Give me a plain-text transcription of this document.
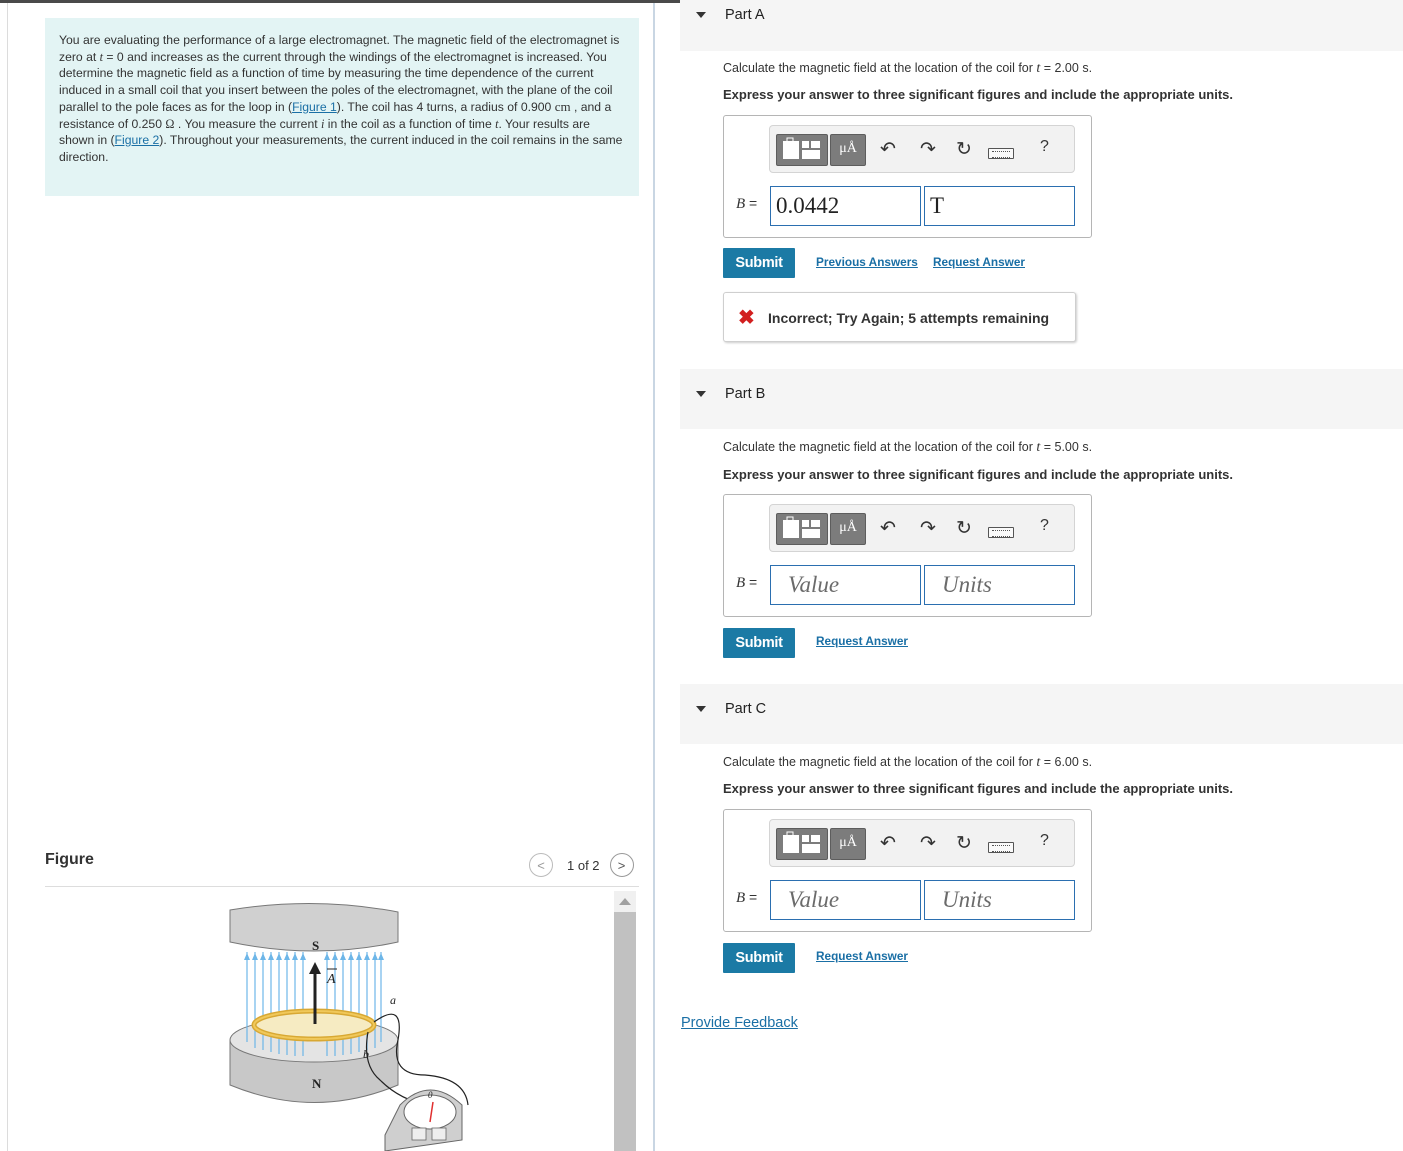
You are evaluating the performance of a large electromagnet. The magnetic field of the electromagnet is zero at t = 0 and increases as the current through the windings of the electromagnet is increased. You determine the magnetic field as a function of time by measuring the time dependence of the current induced in a small coil that you insert between the poles of the electromagnet, with the plane of the coil parallel to the pole faces as for the loop in (Figure 1). The coil has 4 turns, a radius of 0.900 cm , and a resistance of 0.250 Ω . You measure the current i in the coil as a function of time t. Your results are shown in (Figure 2). Throughout your measurements, the current induced in the coil remains in the same direction.
Figure	< 1 of 2 >
S
A
a
b
N
0
Part A
Calculate the magnetic field at the location of the coil for t = 2.00 s.
Express your answer to three significant figures and include the appropriate units.
μÅ	↶ ↷ ↻	?
B = 0.0442	T
Submit	Previous Answers Request Answer
✖ Incorrect; Try Again; 5 attempts remaining
Part B
Calculate the magnetic field at the location of the coil for t = 5.00 s.
Express your answer to three significant figures and include the appropriate units.
μÅ	↶ ↷ ↻	?
B =	Value	Units
Submit	Request Answer
Part C
Calculate the magnetic field at the location of the coil for t = 6.00 s.
Express your answer to three significant figures and include the appropriate units.
μÅ	↶ ↷ ↻	?
B =	Value	Units
Submit	Request Answer
Provide Feedback
